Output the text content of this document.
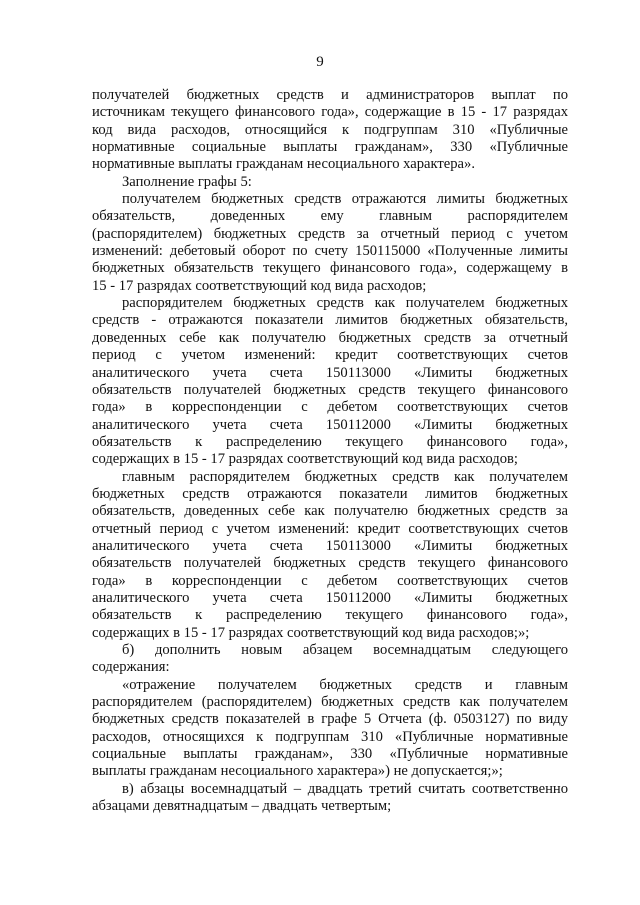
9
получателей бюджетных средств и администраторов выплат по
источникам текущего финансового года», содержащие в 15 - 17 разрядах
код вида расходов, относящийся к подгруппам 310 «Публичные
нормативные социальные выплаты гражданам», 330 «Публичные
нормативные выплаты гражданам несоциального характера».
Заполнение графы 5:
получателем бюджетных средств отражаются лимиты бюджетных
обязательств, доведенных ему главным распорядителем
(распорядителем) бюджетных средств за отчетный период с учетом
изменений: дебетовый оборот по счету 150115000 «Полученные лимиты
бюджетных обязательств текущего финансового года», содержащему в
15 - 17 разрядах соответствующий код вида расходов;
распорядителем бюджетных средств как получателем бюджетных
средств - отражаются показатели лимитов бюджетных обязательств,
доведенных себе как получателю бюджетных средств за отчетный
период с учетом изменений: кредит соответствующих счетов
аналитического учета счета 150113000 «Лимиты бюджетных
обязательств получателей бюджетных средств текущего финансового
года» в корреспонденции с дебетом соответствующих счетов
аналитического учета счета 150112000 «Лимиты бюджетных
обязательств к распределению текущего финансового года»,
содержащих в 15 - 17 разрядах соответствующий код вида расходов;
главным распорядителем бюджетных средств как получателем
бюджетных средств отражаются показатели лимитов бюджетных
обязательств, доведенных себе как получателю бюджетных средств за
отчетный период с учетом изменений: кредит соответствующих счетов
аналитического учета счета 150113000 «Лимиты бюджетных
обязательств получателей бюджетных средств текущего финансового
года» в корреспонденции с дебетом соответствующих счетов
аналитического учета счета 150112000 «Лимиты бюджетных
обязательств к распределению текущего финансового года»,
содержащих в 15 - 17 разрядах соответствующий код вида расходов;»;
б) дополнить новым абзацем восемнадцатым следующего
содержания:
«отражение получателем бюджетных средств и главным
распорядителем (распорядителем) бюджетных средств как получателем
бюджетных средств показателей в графе 5 Отчета (ф. 0503127) по виду
расходов, относящихся к подгруппам 310 «Публичные нормативные
социальные выплаты гражданам», 330 «Публичные нормативные
выплаты гражданам несоциального характера») не допускается;»;
в) абзацы восемнадцатый – двадцать третий считать соответственно
абзацами девятнадцатым – двадцать четвертым;
